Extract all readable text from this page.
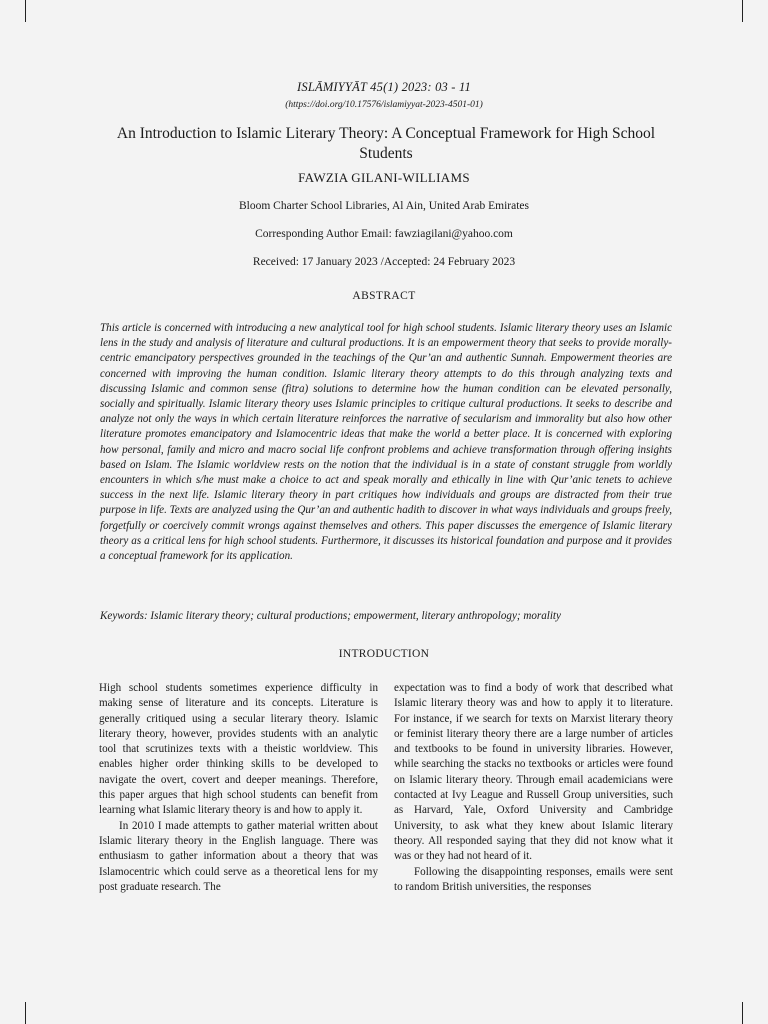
ISLĀMIYYĀT 45(1) 2023: 03 - 11
(https://doi.org/10.17576/islamiyyat-2023-4501-01)
An Introduction to Islamic Literary Theory: A Conceptual Framework for High School Students
FAWZIA GILANI-WILLIAMS
Bloom Charter School Libraries, Al Ain, United Arab Emirates
Corresponding Author Email: fawziagilani@yahoo.com
Received: 17 January 2023 /Accepted: 24 February 2023
ABSTRACT

This article is concerned with introducing a new analytical tool for high school students. Islamic literary theory uses an Islamic lens in the study and analysis of literature and cultural productions. It is an empowerment theory that seeks to provide morally-centric emancipatory perspectives grounded in the teachings of the Qur’an and authentic Sunnah. Empowerment theories are concerned with improving the human condition. Islamic literary theory attempts to do this through analyzing texts and discussing Islamic and common sense (fitra) solutions to determine how the human condition can be elevated personally, socially and spiritually. Islamic literary theory uses Islamic principles to critique cultural productions. It seeks to describe and analyze not only the ways in which certain literature reinforces the narrative of secularism and immorality but also how other literature promotes emancipatory and Islamocentric ideas that make the world a better place. It is concerned with exploring how personal, family and micro and macro social life confront problems and achieve transformation through offering insights based on Islam. The Islamic worldview rests on the notion that the individual is in a state of constant struggle from worldly encounters in which s/he must make a choice to act and speak morally and ethically in line with Qur’anic tenets to achieve success in the next life. Islamic literary theory in part critiques how individuals and groups are distracted from their true purpose in life. Texts are analyzed using the Qur’an and authentic hadith to discover in what ways individuals and groups freely, forgetfully or coercively commit wrongs against themselves and others. This paper discusses the emergence of Islamic literary theory as a critical lens for high school students. Furthermore, it discusses its historical foundation and purpose and it provides a conceptual framework for its application.

Keywords: Islamic literary theory; cultural productions; empowerment, literary anthropology; morality
INTRODUCTION

High school students sometimes experience difficulty in making sense of literature and its concepts. Literature is generally critiqued using a secular literary theory. Islamic literary theory, however, provides students with an analytic tool that scrutinizes texts with a theistic worldview. This enables higher order thinking skills to be developed to navigate the overt, covert and deeper meanings. Therefore, this paper argues that high school students can benefit from learning what Islamic literary theory is and how to apply it.

In 2010 I made attempts to gather material written about Islamic literary theory in the English language. There was enthusiasm to gather information about a theory that was Islamocentric which could serve as a theoretical lens for my post graduate research. The

expectation was to find a body of work that described what Islamic literary theory was and how to apply it to literature. For instance, if we search for texts on Marxist literary theory or feminist literary theory there are a large number of articles and textbooks to be found in university libraries. However, while searching the stacks no textbooks or articles were found on Islamic literary theory. Through email academicians were contacted at Ivy League and Russell Group universities, such as Harvard, Yale, Oxford University and Cambridge University, to ask what they knew about Islamic literary theory. All responded saying that they did not know what it was or they had not heard of it.

Following the disappointing responses, emails were sent to random British universities, the responses
